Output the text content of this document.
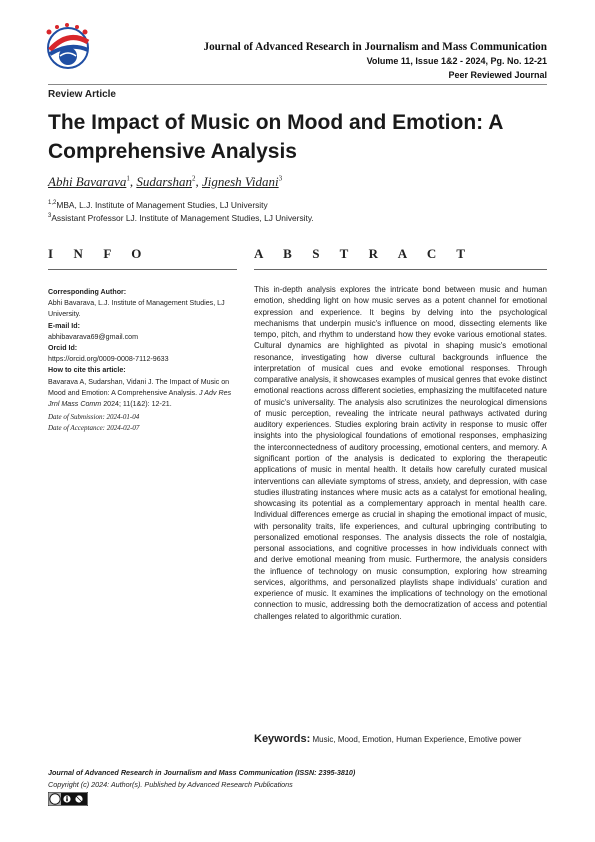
Journal of Advanced Research in Journalism and Mass Communication
Volume 11, Issue 1&2 - 2024, Pg. No. 12-21
Peer Reviewed Journal
Review Article
The Impact of Music on Mood and Emotion: A Comprehensive Analysis
Abhi Bavarava$^1$, Sudarshan$^2$, Jignesh Vidani$^3$
$^{1,2}$MBA, L.J. Institute of Management Studies, LJ University
$^3$Assistant Professor LJ. Institute of Management Studies, LJ University.
I N F O	A B S T R A C T
Corresponding Author:
Abhi Bavarava, L.J. Institute of Management Studies, LJ University.
E-mail Id:
abhibavarava69@gmail.com
Orcid Id:
https://orcid.org/0009-0008-7112-9633
How to cite this article:
Bavarava A, Sudarshan, Vidani J. The Impact of Music on Mood and Emotion: A Comprehensive Analysis. J Adv Res Jrnl Mass Comm 2024; 11(1&2): 12-21.
Date of Submission: 2024-01-04
Date of Acceptance: 2024-02-07
This in-depth analysis explores the intricate bond between music and human emotion, shedding light on how music serves as a potent channel for emotional expression and experience. It begins by delving into the psychological mechanisms that underpin music's influence on mood, dissecting elements like tempo, pitch, and rhythm to understand how they evoke various emotional states. Cultural dynamics are highlighted as pivotal in shaping music's emotional resonance, investigating how diverse cultural backgrounds influence the interpretation of musical cues and evoke emotional responses. Through comparative analysis, it showcases examples of musical genres that evoke distinct emotional reactions across different societies, emphasizing the multifaceted nature of music's universality. The analysis also scrutinizes the neurological dimensions of music perception, revealing the intricate neural pathways activated during auditory experiences. Studies exploring brain activity in response to music offer insights into the physiological foundations of emotional responses, emphasizing the interconnectedness of auditory processing, emotional centers, and memory. A significant portion of the analysis is dedicated to exploring the therapeutic applications of music in mental health. It details how carefully curated musical interventions can alleviate symptoms of stress, anxiety, and depression, with case studies illustrating instances where music acts as a catalyst for emotional healing, showcasing its potential as a complementary approach in mental health care. Individual differences emerge as crucial in shaping the emotional impact of music, with personality traits, life experiences, and cultural upbringing contributing to personalized emotional responses. The analysis dissects the role of nostalgia, personal associations, and cognitive processes in how individuals connect with and derive emotional meaning from music. Furthermore, the analysis considers the influence of technology on music consumption, exploring how streaming services, algorithms, and personalized playlists shape individuals' curation and experience of music. It examines the implications of technology on the emotional connection to music, addressing both the democratization of access and potential challenges related to algorithmic curation.
Keywords: Music, Mood, Emotion, Human Experience, Emotive power
Journal of Advanced Research in Journalism and Mass Communication (ISSN: 2395-3810)
Copyright (c) 2024: Author(s). Published by Advanced Research Publications
